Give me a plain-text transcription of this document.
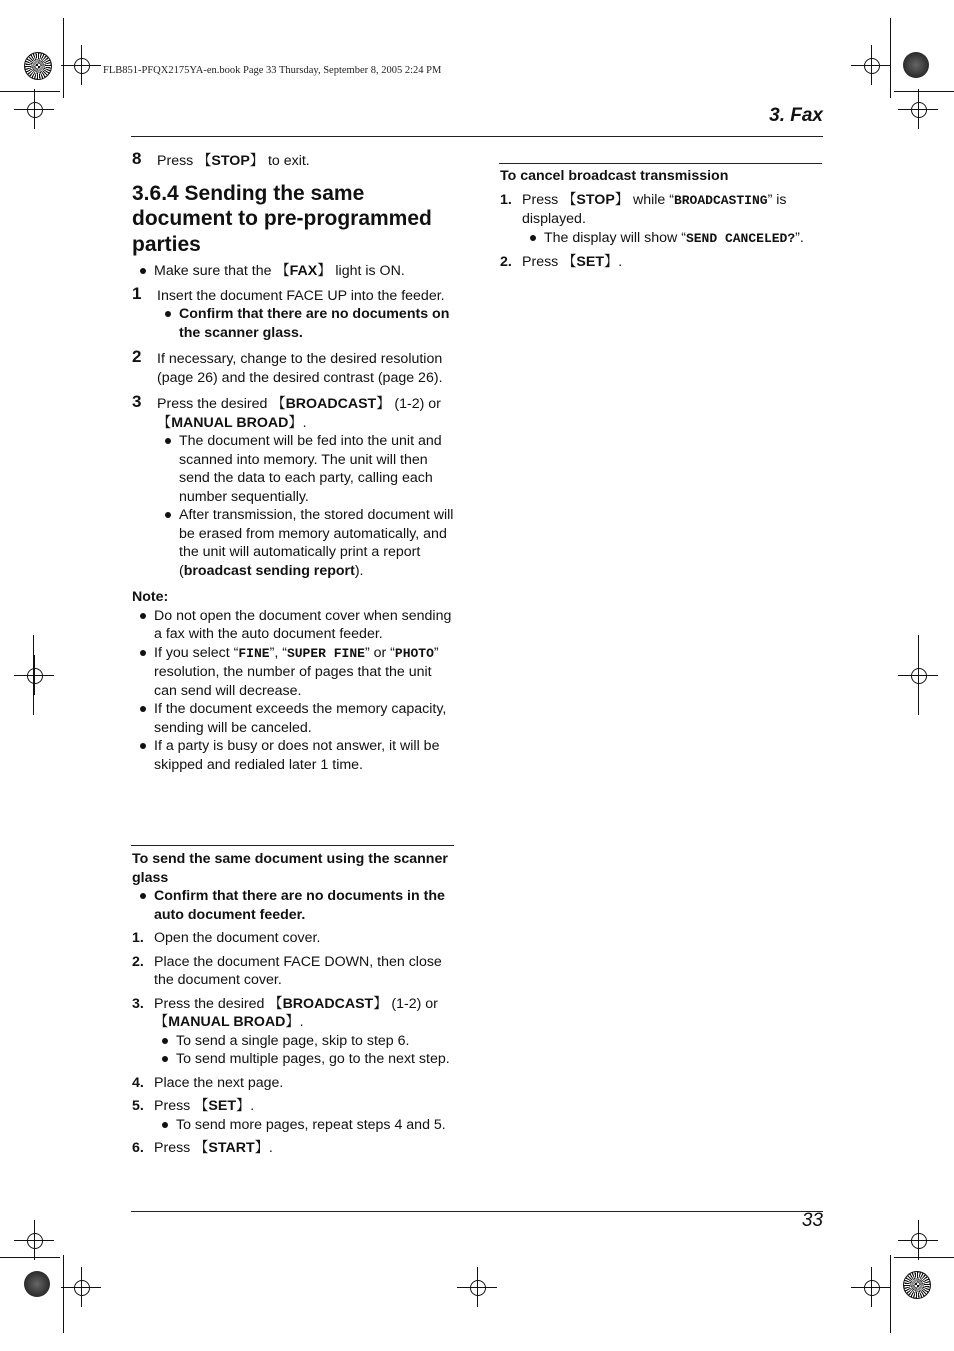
FLB851-PFQX2175YA-en.book Page 33 Thursday, September 8, 2005 2:24 PM
3. Fax
8 Press 【 STOP 】 to exit.
3.6.4 Sending the same document to pre-programmed parties
Make sure that the 【 FAX 】 light is ON.
1 Insert the document FACE UP into the feeder.
Confirm that there are no documents on the scanner glass.
2 If necessary, change to the desired resolution (page 26) and the desired contrast (page 26).
3 Press the desired 【 BROADCAST 】 (1-2) or 【 MANUAL BROAD 】 .
The document will be fed into the unit and scanned into memory. The unit will then send the data to each party, calling each number sequentially.
After transmission, the stored document will be erased from memory automatically, and the unit will automatically print a report (broadcast sending report).
Note:
Do not open the document cover when sending a fax with the auto document feeder.
If you select “FINE”, “SUPER FINE” or “PHOTO” resolution, the number of pages that the unit can send will decrease.
If the document exceeds the memory capacity, sending will be canceled.
If a party is busy or does not answer, it will be skipped and redialed later 1 time.
To send the same document using the scanner glass
Confirm that there are no documents in the auto document feeder.
1. Open the document cover.
2. Place the document FACE DOWN, then close the document cover.
3. Press the desired 【 BROADCAST 】 (1-2) or 【 MANUAL BROAD 】 .
To send a single page, skip to step 6.
To send multiple pages, go to the next step.
4. Place the next page.
5. Press 【 SET 】 .
To send more pages, repeat steps 4 and 5.
6. Press 【 START 】 .
To cancel broadcast transmission
1. Press 【 STOP 】 while “BROADCASTING” is displayed.
The display will show “SEND CANCELED?”.
2. Press 【 SET 】 .
33
